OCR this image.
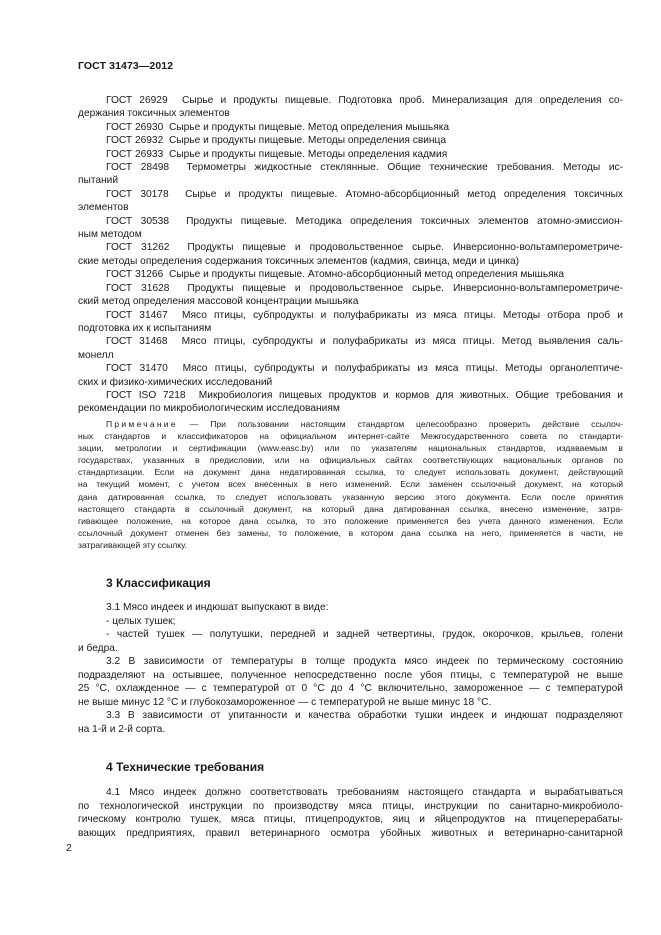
ГОСТ 31473—2012
ГОСТ 26929 Сырье и продукты пищевые. Подготовка проб. Минерализация для определения со-
держания токсичных элементов
ГОСТ 26930 Сырье и продукты пищевые. Метод определения мышьяка
ГОСТ 26932 Сырье и продукты пищевые. Методы определения свинца
ГОСТ 26933 Сырье и продукты пищевые. Методы определения кадмия
ГОСТ 28498 Термометры жидкостные стеклянные. Общие технические требования. Методы ис-
пытаний
ГОСТ 30178 Сырье и продукты пищевые. Атомно-абсорбционный метод определения токсичных
элементов
ГОСТ 30538 Продукты пищевые. Методика определения токсичных элементов атомно-эмиссион-
ным методом
ГОСТ 31262 Продукты пищевые и продовольственное сырье. Инверсионно-вольтамперометриче-
ские методы определения содержания токсичных элементов (кадмия, свинца, меди и цинка)
ГОСТ 31266 Сырье и продукты пищевые. Атомно-абсорбционный метод определения мышьяка
ГОСТ 31628 Продукты пищевые и продовольственное сырье. Инверсионно-вольтамперометриче-
ский метод определения массовой концентрации мышьяка
ГОСТ 31467 Мясо птицы, субпродукты и полуфабрикаты из мяса птицы. Методы отбора проб и
подготовка их к испытаниям
ГОСТ 31468 Мясо птицы, субпродукты и полуфабрикаты из мяса птицы. Метод выявления саль-
монелл
ГОСТ 31470 Мясо птицы, субпродукты и полуфабрикаты из мяса птицы. Методы органолептиче-
ских и физико-химических исследований
ГОСТ ISO 7218 Микробиология пищевых продуктов и кормов для животных. Общие требования и
рекомендации по микробиологическим исследованиям
Примечание — При пользовании настоящим стандартом целесообразно проверить действие ссылоч-
ных стандартов и классификаторов на официальном интернет-сайте Межгосударственного совета по стандарти-
зации, метрологии и сертификации (www.easc.by) или по указателям национальных стандартов, издаваемым в
государствах, указанных в предисловии, или на официальных сайтах соответствующих национальных органов по
стандартизации. Если на документ дана недатированная ссылка, то следует использовать документ, действующий
на текущий момент, с учетом всех внесенных в него изменений. Если заменен ссылочный документ, на который
дана датированная ссылка, то следует использовать указанную версию этого документа. Если после принятия
настоящего стандарта в ссылочный документ, на который дана датированная ссылка, внесено изменение, затра-
гивающее положение, на которое дана ссылка, то это положение применяется без учета данного изменения. Если
ссылочный документ отменен без замены, то положение, в котором дана ссылка на него, применяется в части, не
затрагивающей эту ссылку.
3 Классификация
3.1 Мясо индеек и индюшат выпускают в виде:
- целых тушек;
- частей тушек — полутушки, передней и задней четвертины, грудок, окорочков, крыльев, голени
и бедра.
3.2 В зависимости от температуры в толще продукта мясо индеек по термическому состоянию
подразделяют на остывшее, полученное непосредственно после убоя птицы, с температурой не выше
25 °С, охлажденное — с температурой от 0 °С до 4 °С включительно, замороженное — с температурой
не выше минус 12 °С и глубокозамороженное — с температурой не выше минус 18 °С.
3.3 В зависимости от упитанности и качества обработки тушки индеек и индюшат подразделяют
на 1-й и 2-й сорта.
4 Технические требования
4.1 Мясо индеек должно соответствовать требованиям настоящего стандарта и вырабатываться
по технологической инструкции по производству мяса птицы, инструкции по санитарно-микробиоло-
гическому контролю тушек, мяса птицы, птицепродуктов, яиц и яйцепродуктов на птицеперерабаты-
вающих предприятиях, правил ветеринарного осмотра убойных животных и ветеринарно-санитарной
2
